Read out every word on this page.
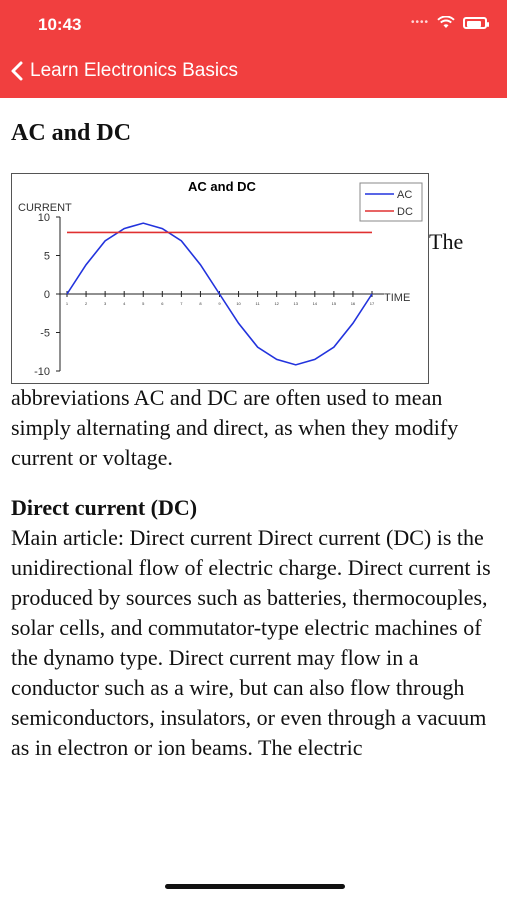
10:43	••••
Learn Electronics Basics
AC and DC
AC and DC
CURRENT
TIME
10
5
0
-5
-10
1	2	3	4	5	6	7	8	9	10	11	12	13	14	15	16	17
AC
DC
The

abbreviations AC and DC are often used to mean simply alternating and direct, as when they modify current or voltage.

Direct current (DC)

Main article: Direct current Direct current (DC) is the unidirectional flow of electric charge. Direct current is produced by sources such as batteries, thermocouples, solar cells, and commutator-type electric machines of the dynamo type. Direct current may flow in a conductor such as a wire, but can also flow through semiconductors, insulators, or even through a vacuum as in electron or ion beams. The electric
